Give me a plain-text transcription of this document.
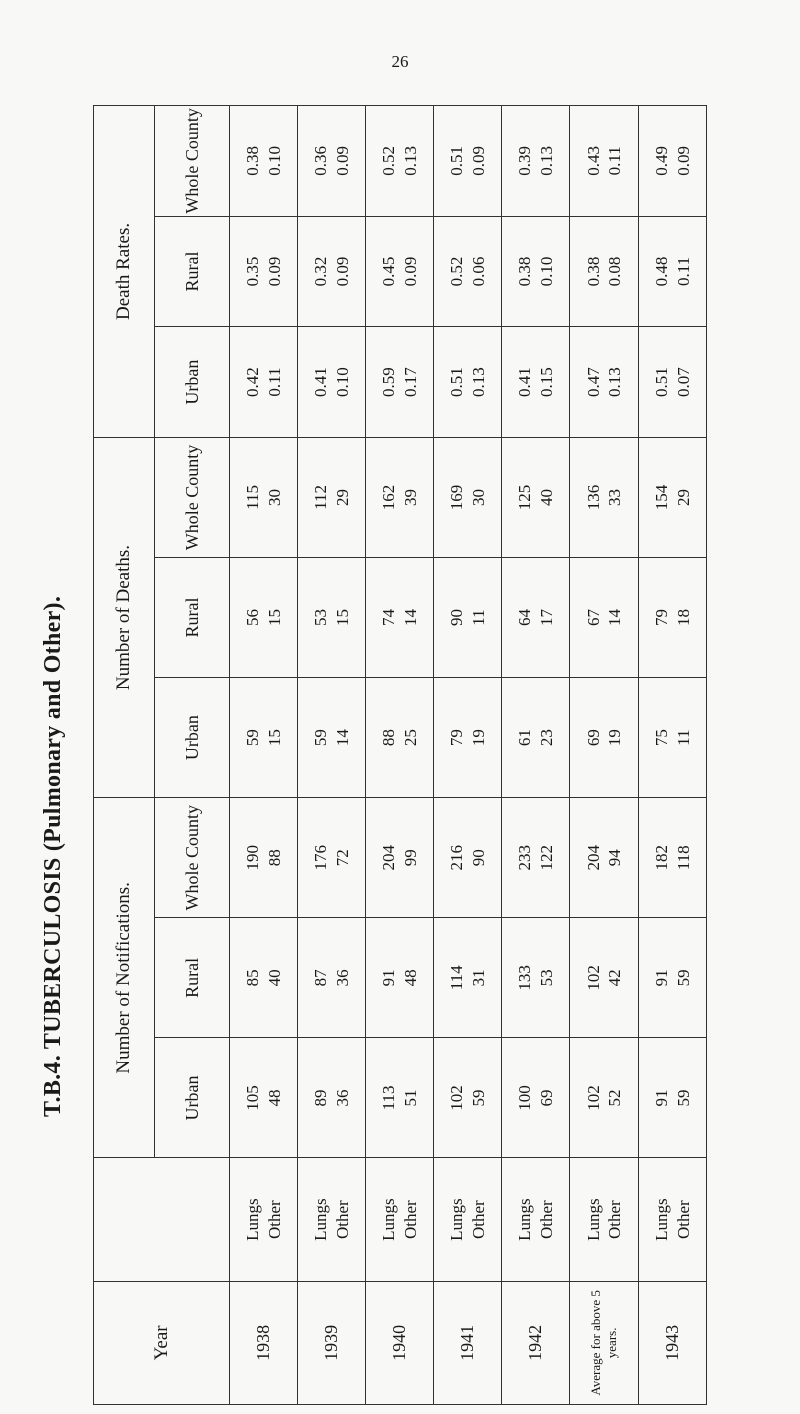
26
T.B.4. TUBERCULOSIS (Pulmonary and Other).
Year		Number of Notifications.			Number of Deaths.			Death Rates.		
		Urban	Rural	Whole County	Urban	Rural	Whole County	Urban	Rural	Whole County
1938	Lungs Other	105 48	85 40	190 88	59 15	56 15	115 30	0.42 0.11	0.35 0.09	0.38 0.10

1939	Lungs Other	89 36	87 36	176 72	59 14	53 15	112 29	0.41 0.10	0.32 0.09	0.36 0.09

1940	Lungs Other	113 51	91 48	204 99	88 25	74 14	162 39	0.59 0.17	0.45 0.09	0.52 0.13

1941	Lungs Other	102 59	114 31	216 90	79 19	90 11	169 30	0.51 0.13	0.52 0.06	0.51 0.09

1942	Lungs Other	100 69	133 53	233 122	61 23	64 17	125 40	0.41 0.15	0.38 0.10	0.39 0.13

Average for above 5 years.	Lungs Other	102 52	102 42	204 94	69 19	67 14	136 33	0.47 0.13	0.38 0.08	0.43 0.11

1943	Lungs Other	91 59	91 59	182 118	75 11	79 18	154 29	0.51 0.07	0.48 0.11	0.49 0.09
